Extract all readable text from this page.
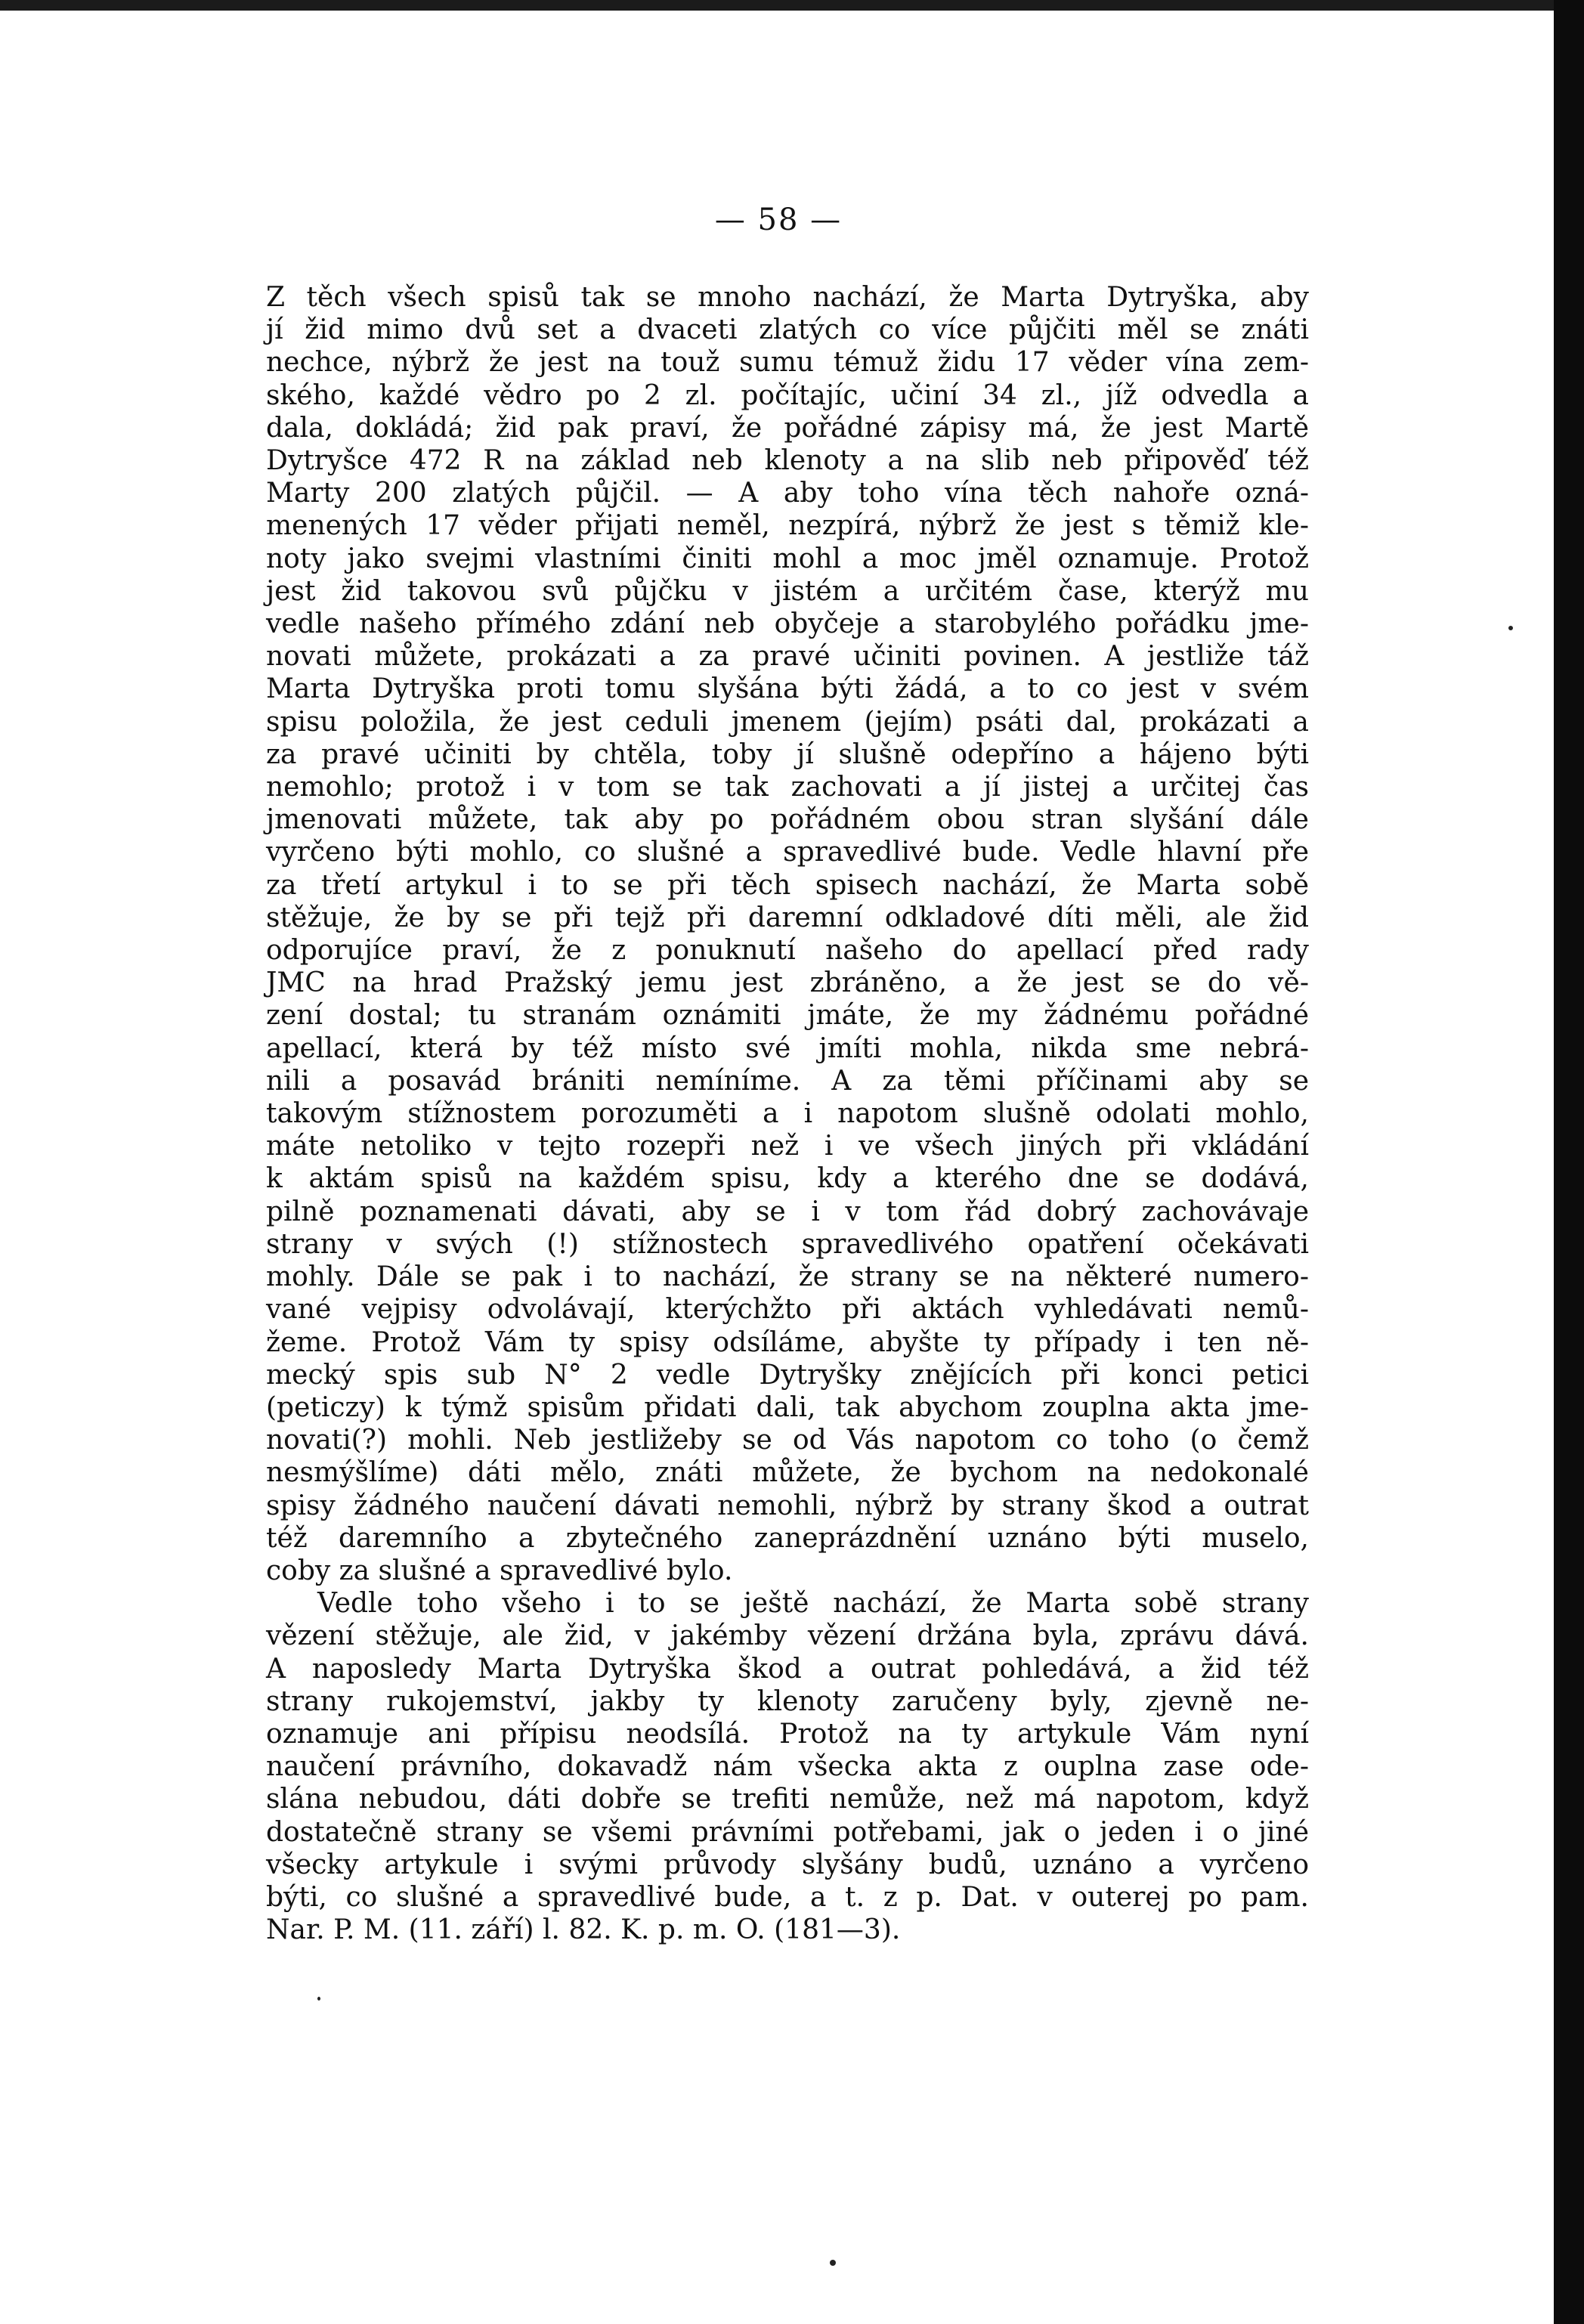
— 58 —
Z těch všech spisů tak se mnoho nachází, že Marta Dytryška, aby
jí žid mimo dvů set a dvaceti zlatých co více půjčiti měl se znáti
nechce, nýbrž že jest na touž sumu témuž židu 17 věder vína zem-
ského, každé vědro po 2 zl. počítajíc, učiní 34 zl., jíž odvedla a
dala, dokládá; žid pak praví, že pořádné zápisy má, že jest Martě
Dytryšce 472 R na základ neb klenoty a na slib neb připověď též
Marty 200 zlatých půjčil. — A aby toho vína těch nahoře ozná-
menených 17 věder přijati neměl, nezpírá, nýbrž že jest s těmiž kle-
noty jako svejmi vlastními činiti mohl a moc jměl oznamuje. Protož
jest žid takovou svů půjčku v jistém a určitém čase, kterýž mu
vedle našeho přímého zdání neb obyčeje a starobylého pořádku jme-
novati můžete, prokázati a za pravé učiniti povinen. A jestliže táž
Marta Dytryška proti tomu slyšána býti žádá, a to co jest v svém
spisu položila, že jest ceduli jmenem (jejím) psáti dal, prokázati a
za pravé učiniti by chtěla, toby jí slušně odepříno a hájeno býti
nemohlo; protož i v tom se tak zachovati a jí jistej a určitej čas
jmenovati můžete, tak aby po pořádném obou stran slyšání dále
vyrčeno býti mohlo, co slušné a spravedlivé bude. Vedle hlavní pře
za třetí artykul i to se při těch spisech nachází, že Marta sobě
stěžuje, že by se při tejž při daremní odkladové díti měli, ale žid
odporujíce praví, že z ponuknutí našeho do apellací před rady
JMC na hrad Pražský jemu jest zbráněno, a že jest se do vě-
zení dostal; tu stranám oznámiti jmáte, že my žádnému pořádné
apellací, která by též místo své jmíti mohla, nikda sme nebrá-
nili a posavád brániti nemíníme. A za těmi příčinami aby se
takovým stížnostem porozuměti a i napotom slušně odolati mohlo,
máte netoliko v tejto rozepři než i ve všech jiných při vkládání
k aktám spisů na každém spisu, kdy a kterého dne se dodává,
pilně poznamenati dávati, aby se i v tom řád dobrý zachovávaje
strany v svých (!) stížnostech spravedlivého opatření očekávati
mohly. Dále se pak i to nachází, že strany se na některé numero-
vané vejpisy odvolávají, kterýchžto při aktách vyhledávati nemů-
žeme. Protož Vám ty spisy odsíláme, abyšte ty případy i ten ně-
mecký spis sub N° 2 vedle Dytryšky znějících při konci petici
(peticzy) k týmž spisům přidati dali, tak abychom zouplna akta jme-
novati(?) mohli. Neb jestližeby se od Vás napotom co toho (o čemž
nesmýšlíme) dáti mělo, znáti můžete, že bychom na nedokonalé
spisy žádného naučení dávati nemohli, nýbrž by strany škod a outrat
též daremního a zbytečného zaneprázdnění uznáno býti muselo,
coby za slušné a spravedlivé bylo.
Vedle toho všeho i to se ještě nachází, že Marta sobě strany
vězení stěžuje, ale žid, v jakémby vězení držána byla, zprávu dává.
A naposledy Marta Dytryška škod a outrat pohledává, a žid též
strany rukojemství, jakby ty klenoty zaručeny byly, zjevně ne-
oznamuje ani přípisu neodsílá. Protož na ty artykule Vám nyní
naučení právního, dokavadž nám všecka akta z ouplna zase ode-
slána nebudou, dáti dobře se trefiti nemůže, než má napotom, když
dostatečně strany se všemi právními potřebami, jak o jeden i o jiné
všecky artykule i svými průvody slyšány budů, uznáno a vyrčeno
býti, co slušné a spravedlivé bude, a t. z p. Dat. v outerej po pam.
Nar. P. M. (11. září) l. 82. K. p. m. O. (181—3).
